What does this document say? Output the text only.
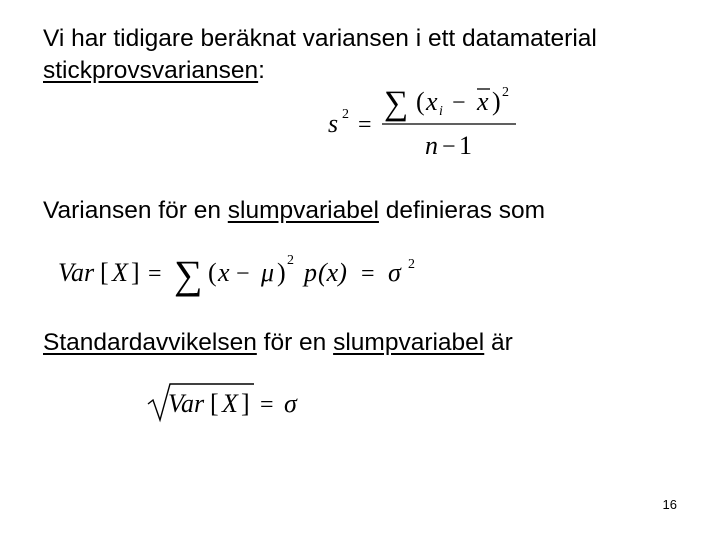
Vi har tidigare beräknat variansen i ett datamaterial
stickprovsvariansen:
s 2 =
∑ ( x i − x ) 2
n − 1
Variansen för en slumpvariabel definieras som
Var [ X ] = ∑ ( x − μ ) 2 p (x) = σ 2
Standardavvikelsen för en slumpvariabel är
Var [ X ] = σ
16
